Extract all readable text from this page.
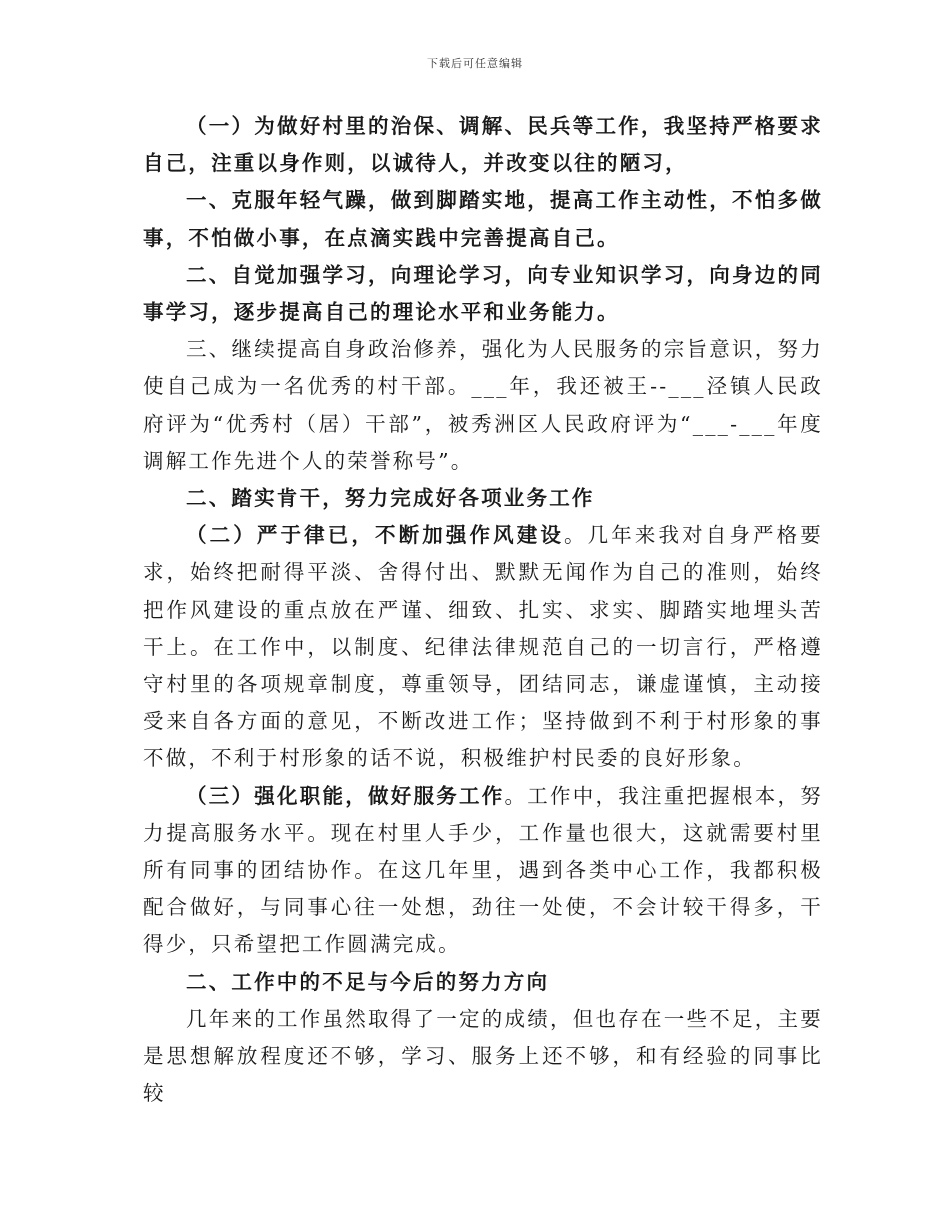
下载后可任意编辑

（一）为做好村里的治保、调解、民兵等工作，我坚持严格要求自己，注重以身作则，以诚待人，并改变以往的陋习，

一、克服年轻气躁，做到脚踏实地，提高工作主动性，不怕多做事，不怕做小事，在点滴实践中完善提高自己。

二、自觉加强学习，向理论学习，向专业知识学习，向身边的同事学习，逐步提高自己的理论水平和业务能力。

三、继续提高自身政治修养，强化为人民服务的宗旨意识，努力使自己成为一名优秀的村干部。___年，我还被王--___泾镇人民政府评为“优秀村（居）干部”，被秀洲区人民政府评为“___-___年度调解工作先进个人的荣誉称号”。

二、踏实肯干，努力完成好各项业务工作

（二）严于律已，不断加强作风建设。几年来我对自身严格要求，始终把耐得平淡、舍得付出、默默无闻作为自己的准则，始终把作风建设的重点放在严谨、细致、扎实、求实、脚踏实地埋头苦干上。在工作中，以制度、纪律法律规范自己的一切言行，严格遵守村里的各项规章制度，尊重领导，团结同志，谦虚谨慎，主动接受来自各方面的意见，不断改进工作；坚持做到不利于村形象的事不做，不利于村形象的话不说，积极维护村民委的良好形象。

（三）强化职能，做好服务工作。工作中，我注重把握根本，努力提高服务水平。现在村里人手少，工作量也很大，这就需要村里所有同事的团结协作。在这几年里，遇到各类中心工作，我都积极配合做好，与同事心往一处想，劲往一处使，不会计较干得多，干得少，只希望把工作圆满完成。

二、工作中的不足与今后的努力方向

几年来的工作虽然取得了一定的成绩，但也存在一些不足，主要是思想解放程度还不够，学习、服务上还不够，和有经验的同事比较
